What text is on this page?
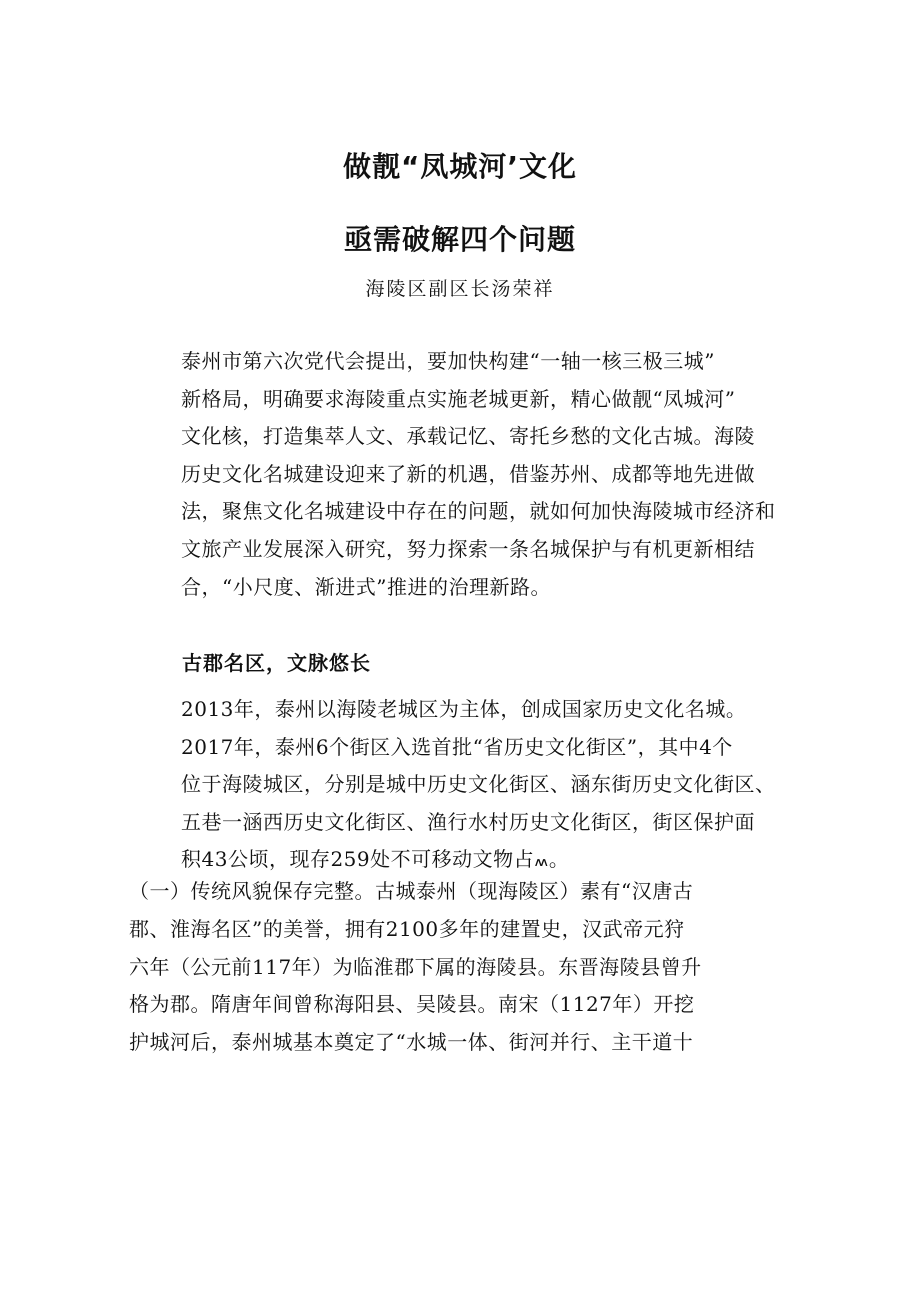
做靓“凤城河’文化
亟需破解四个问题
海陵区副区长汤荣祥
泰州市第六次党代会提出，要加快构建“一轴一核三极三城”
新格局，明确要求海陵重点实施老城更新，精心做靓“凤城河”
文化核，打造集萃人文、承载记忆、寄托乡愁的文化古城。海陵
历史文化名城建设迎来了新的机遇，借鉴苏州、成都等地先进做
法，聚焦文化名城建设中存在的问题，就如何加快海陵城市经济和
文旅产业发展深入研究，努力探索一条名城保护与有机更新相结
合，“小尺度、渐进式”推进的治理新路。
古郡名区，文脉悠长
2013年，泰州以海陵老城区为主体，创成国家历史文化名城。
2017年，泰州6个街区入选首批“省历史文化街区”，其中4个
位于海陵城区，分别是城中历史文化街区、涵东街历史文化街区、
五巷一涵西历史文化街区、渔行水村历史文化街区，街区保护面
积43公顷，现存259处不可移动文物占៳。
（一）传统风貌保存完整。古城泰州（现海陵区）素有“汉唐古
郡、淮海名区”的美誉，拥有2100多年的建置史，汉武帝元狩
六年（公元前117年）为临淮郡下属的海陵县。东晋海陵县曾升
格为郡。隋唐年间曾称海阳县、吴陵县。南宋（1127年）开挖
护城河后，泰州城基本奠定了“水城一体、街河并行、主干道十
